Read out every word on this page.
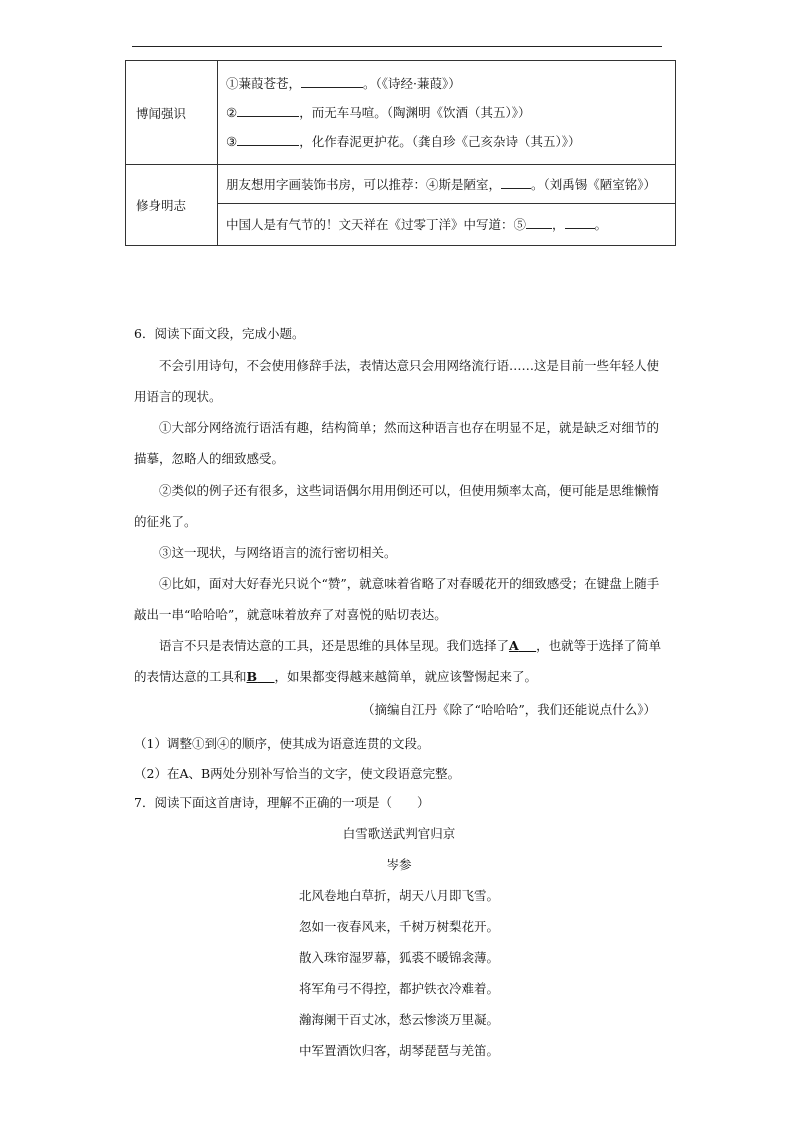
博闻强识	①蒹葭苍苍， 。（《诗经·蒹葭》）
② ，而无车马喧。（陶渊明《饮酒（其五）》）
③ ，化作春泥更护花。（龚自珍《己亥杂诗（其五）》）

修身明志	朋友想用字画装饰书房，可以推荐：④斯是陋室， 。（刘禹锡《陋室铭》）

	中国人是有气节的！文天祥在《过零丁洋》中写道：⑤ ， 。
6．阅读下面文段，完成小题。
不会引用诗句，不会使用修辞手法，表情达意只会用网络流行语……这是目前一些年轻人使用语言的现状。
①大部分网络流行语活有趣，结构简单；然而这种语言也存在明显不足，就是缺乏对细节的描摹，忽略人的细致感受。
②类似的例子还有很多，这些词语偶尔用用倒还可以，但使用频率太高，便可能是思维懒惰的征兆了。
③这一现状，与网络语言的流行密切相关。
④比如，面对大好春光只说个“赞”，就意味着省略了对春暖花开的细致感受；在键盘上随手敲出一串“哈哈哈”，就意味着放弃了对喜悦的贴切表达。
语言不只是表情达意的工具，还是思维的具体呈现。我们选择了A ，也就等于选择了简单的表情达意的工具和B ，如果都变得越来越简单，就应该警惕起来了。
（摘编自江丹《除了“哈哈哈”，我们还能说点什么》）
（1）调整①到④的顺序，使其成为语意连贯的文段。
（2）在A、B两处分别补写恰当的文字，使文段语意完整。
7．阅读下面这首唐诗，理解不正确的一项是（　　）
白雪歌送武判官归京
岑参
北风卷地白草折，胡天八月即飞雪。
忽如一夜春风来，千树万树梨花开。
散入珠帘湿罗幕，狐裘不暖锦衾薄。
将军角弓不得控，都护铁衣冷难着。
瀚海阑干百丈冰，愁云惨淡万里凝。
中军置酒饮归客，胡琴琵琶与羌笛。
